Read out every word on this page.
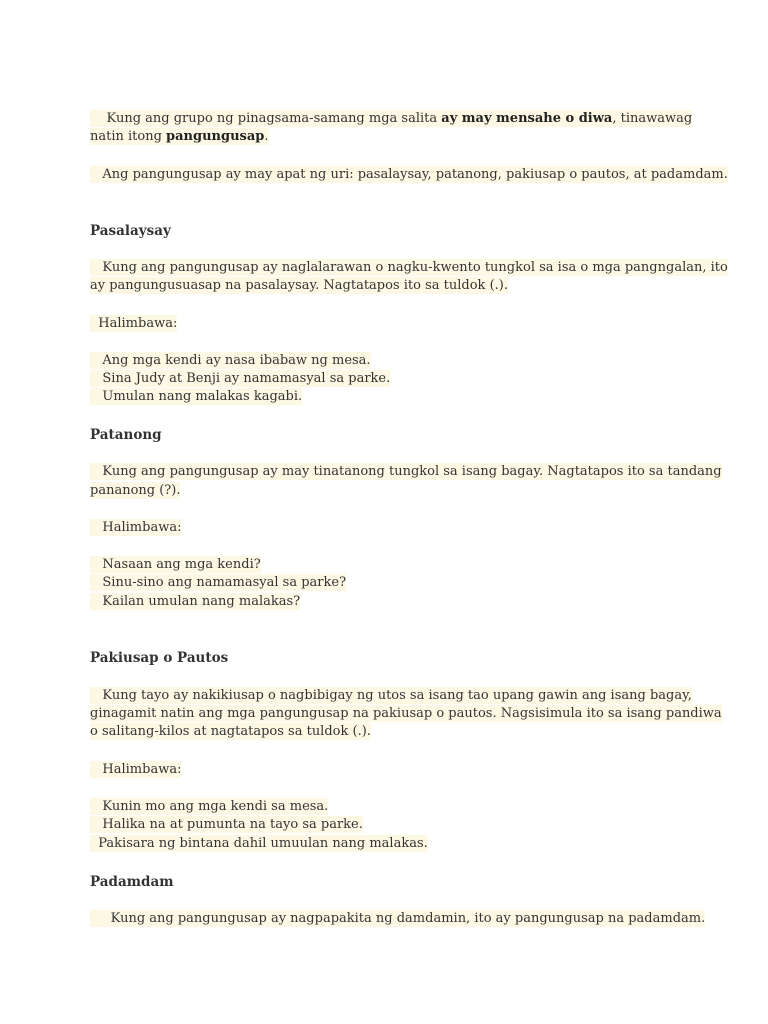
Kung ang grupo ng pinagsama-samang mga salita ay may mensahe o diwa, tinawawag
natin itong pangungusap.
Ang pangungusap ay may apat ng uri: pasalaysay, patanong, pakiusap o pautos, at padamdam.
Pasalaysay
Kung ang pangungusap ay naglalarawan o nagku-kwento tungkol sa isa o mga pangngalan, ito
ay pangungusuasap na pasalaysay. Nagtatapos ito sa tuldok (.).
Halimbawa:
Ang mga kendi ay nasa ibabaw ng mesa.
Sina Judy at Benji ay namamasyal sa parke.
Umulan nang malakas kagabi.
Patanong
Kung ang pangungusap ay may tinatanong tungkol sa isang bagay. Nagtatapos ito sa tandang
pananong (?).
Halimbawa:
Nasaan ang mga kendi?
Sinu-sino ang namamasyal sa parke?
Kailan umulan nang malakas?
Pakiusap o Pautos
Kung tayo ay nakikiusap o nagbibigay ng utos sa isang tao upang gawin ang isang bagay,
ginagamit natin ang mga pangungusap na pakiusap o pautos. Nagsisimula ito sa isang pandiwa
o salitang-kilos at nagtatapos sa tuldok (.).
Halimbawa:
Kunin mo ang mga kendi sa mesa.
Halika na at pumunta na tayo sa parke.
Pakisara ng bintana dahil umuulan nang malakas.
Padamdam
Kung ang pangungusap ay nagpapakita ng damdamin, ito ay pangungusap na padamdam.
